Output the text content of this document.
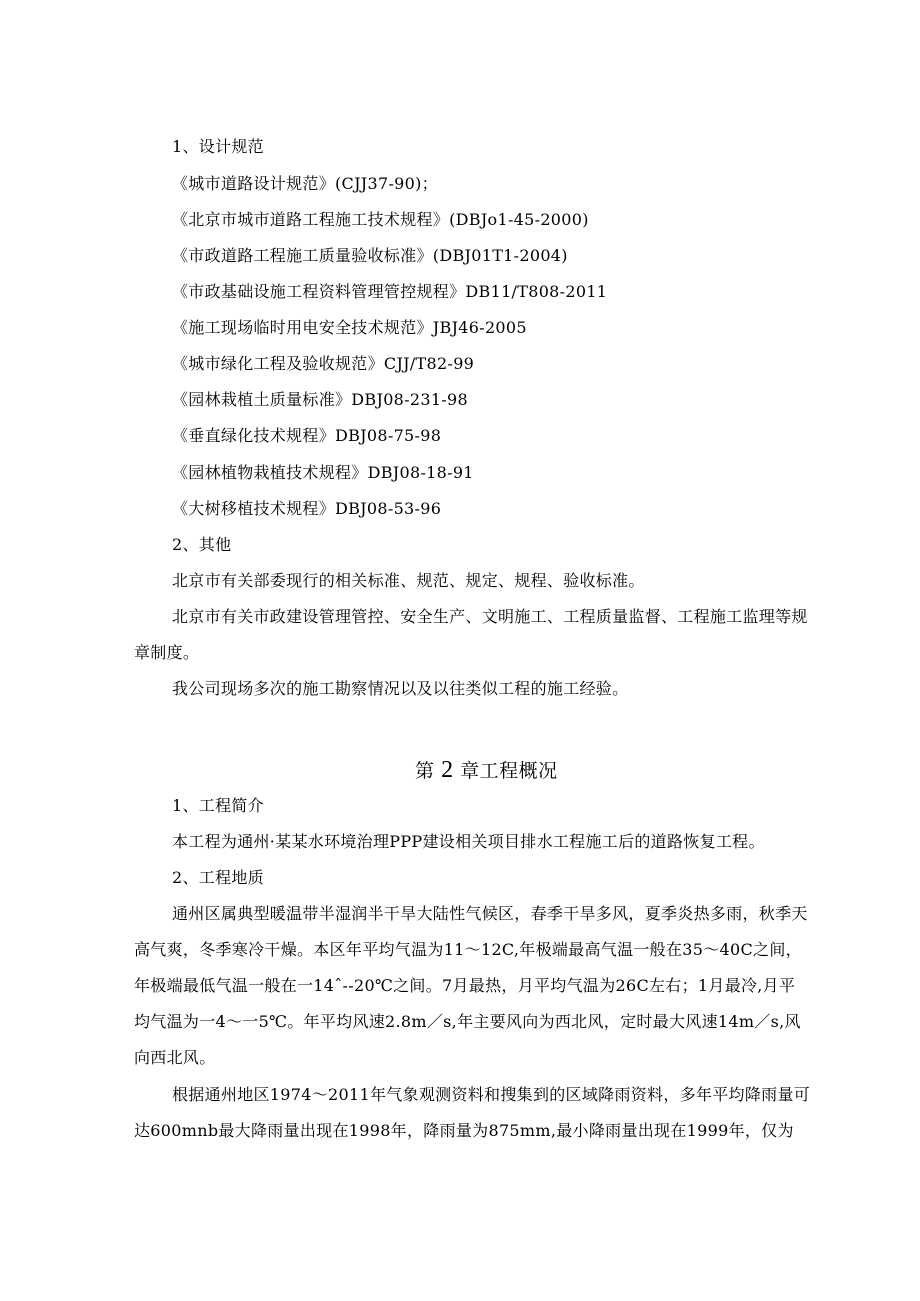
1、设计规范
《城市道路设计规范》(CJJ37-90)；
《北京市城市道路工程施工技术规程》(DBJo1-45-2000)
《市政道路工程施工质量验收标准》(DBJ01T1-2004)
《市政基础设施工程资料管理管控规程》DB11/T808-2011
《施工现场临时用电安全技术规范》JBJ46-2005
《城市绿化工程及验收规范》CJJ/T82-99
《园林栽植土质量标准》DBJ08-231-98
《垂直绿化技术规程》DBJ08-75-98
《园林植物栽植技术规程》DBJ08-18-91
《大树移植技术规程》DBJ08-53-96
2、其他
北京市有关部委现行的相关标准、规范、规定、规程、验收标准。
北京市有关市政建设管理管控、安全生产、文明施工、工程质量监督、工程施工监理等规
章制度。
我公司现场多次的施工勘察情况以及以往类似工程的施工经验。
第 2 章工程概况
1、工程简介
本工程为通州·某某水环境治理PPP建设相关项目排水工程施工后的道路恢复工程。
2、工程地质
通州区属典型暖温带半湿润半干旱大陆性气候区，春季干旱多风，夏季炎热多雨，秋季天
高气爽，冬季寒冷干燥。本区年平均气温为11～12C,年极端最高气温一般在35～40C之间，
年极端最低气温一般在一14ˆ--20℃之间。7月最热，月平均气温为26C左右；1月最冷,月平
均气温为一4～一5℃。年平均风速2.8m／s,年主要风向为西北风，定时最大风速14m／s,风
向西北风。
根据通州地区1974～2011年气象观测资料和搜集到的区域降雨资料，多年平均降雨量可
达600mnb最大降雨量出现在1998年，降雨量为875mm,最小降雨量出现在1999年，仅为
